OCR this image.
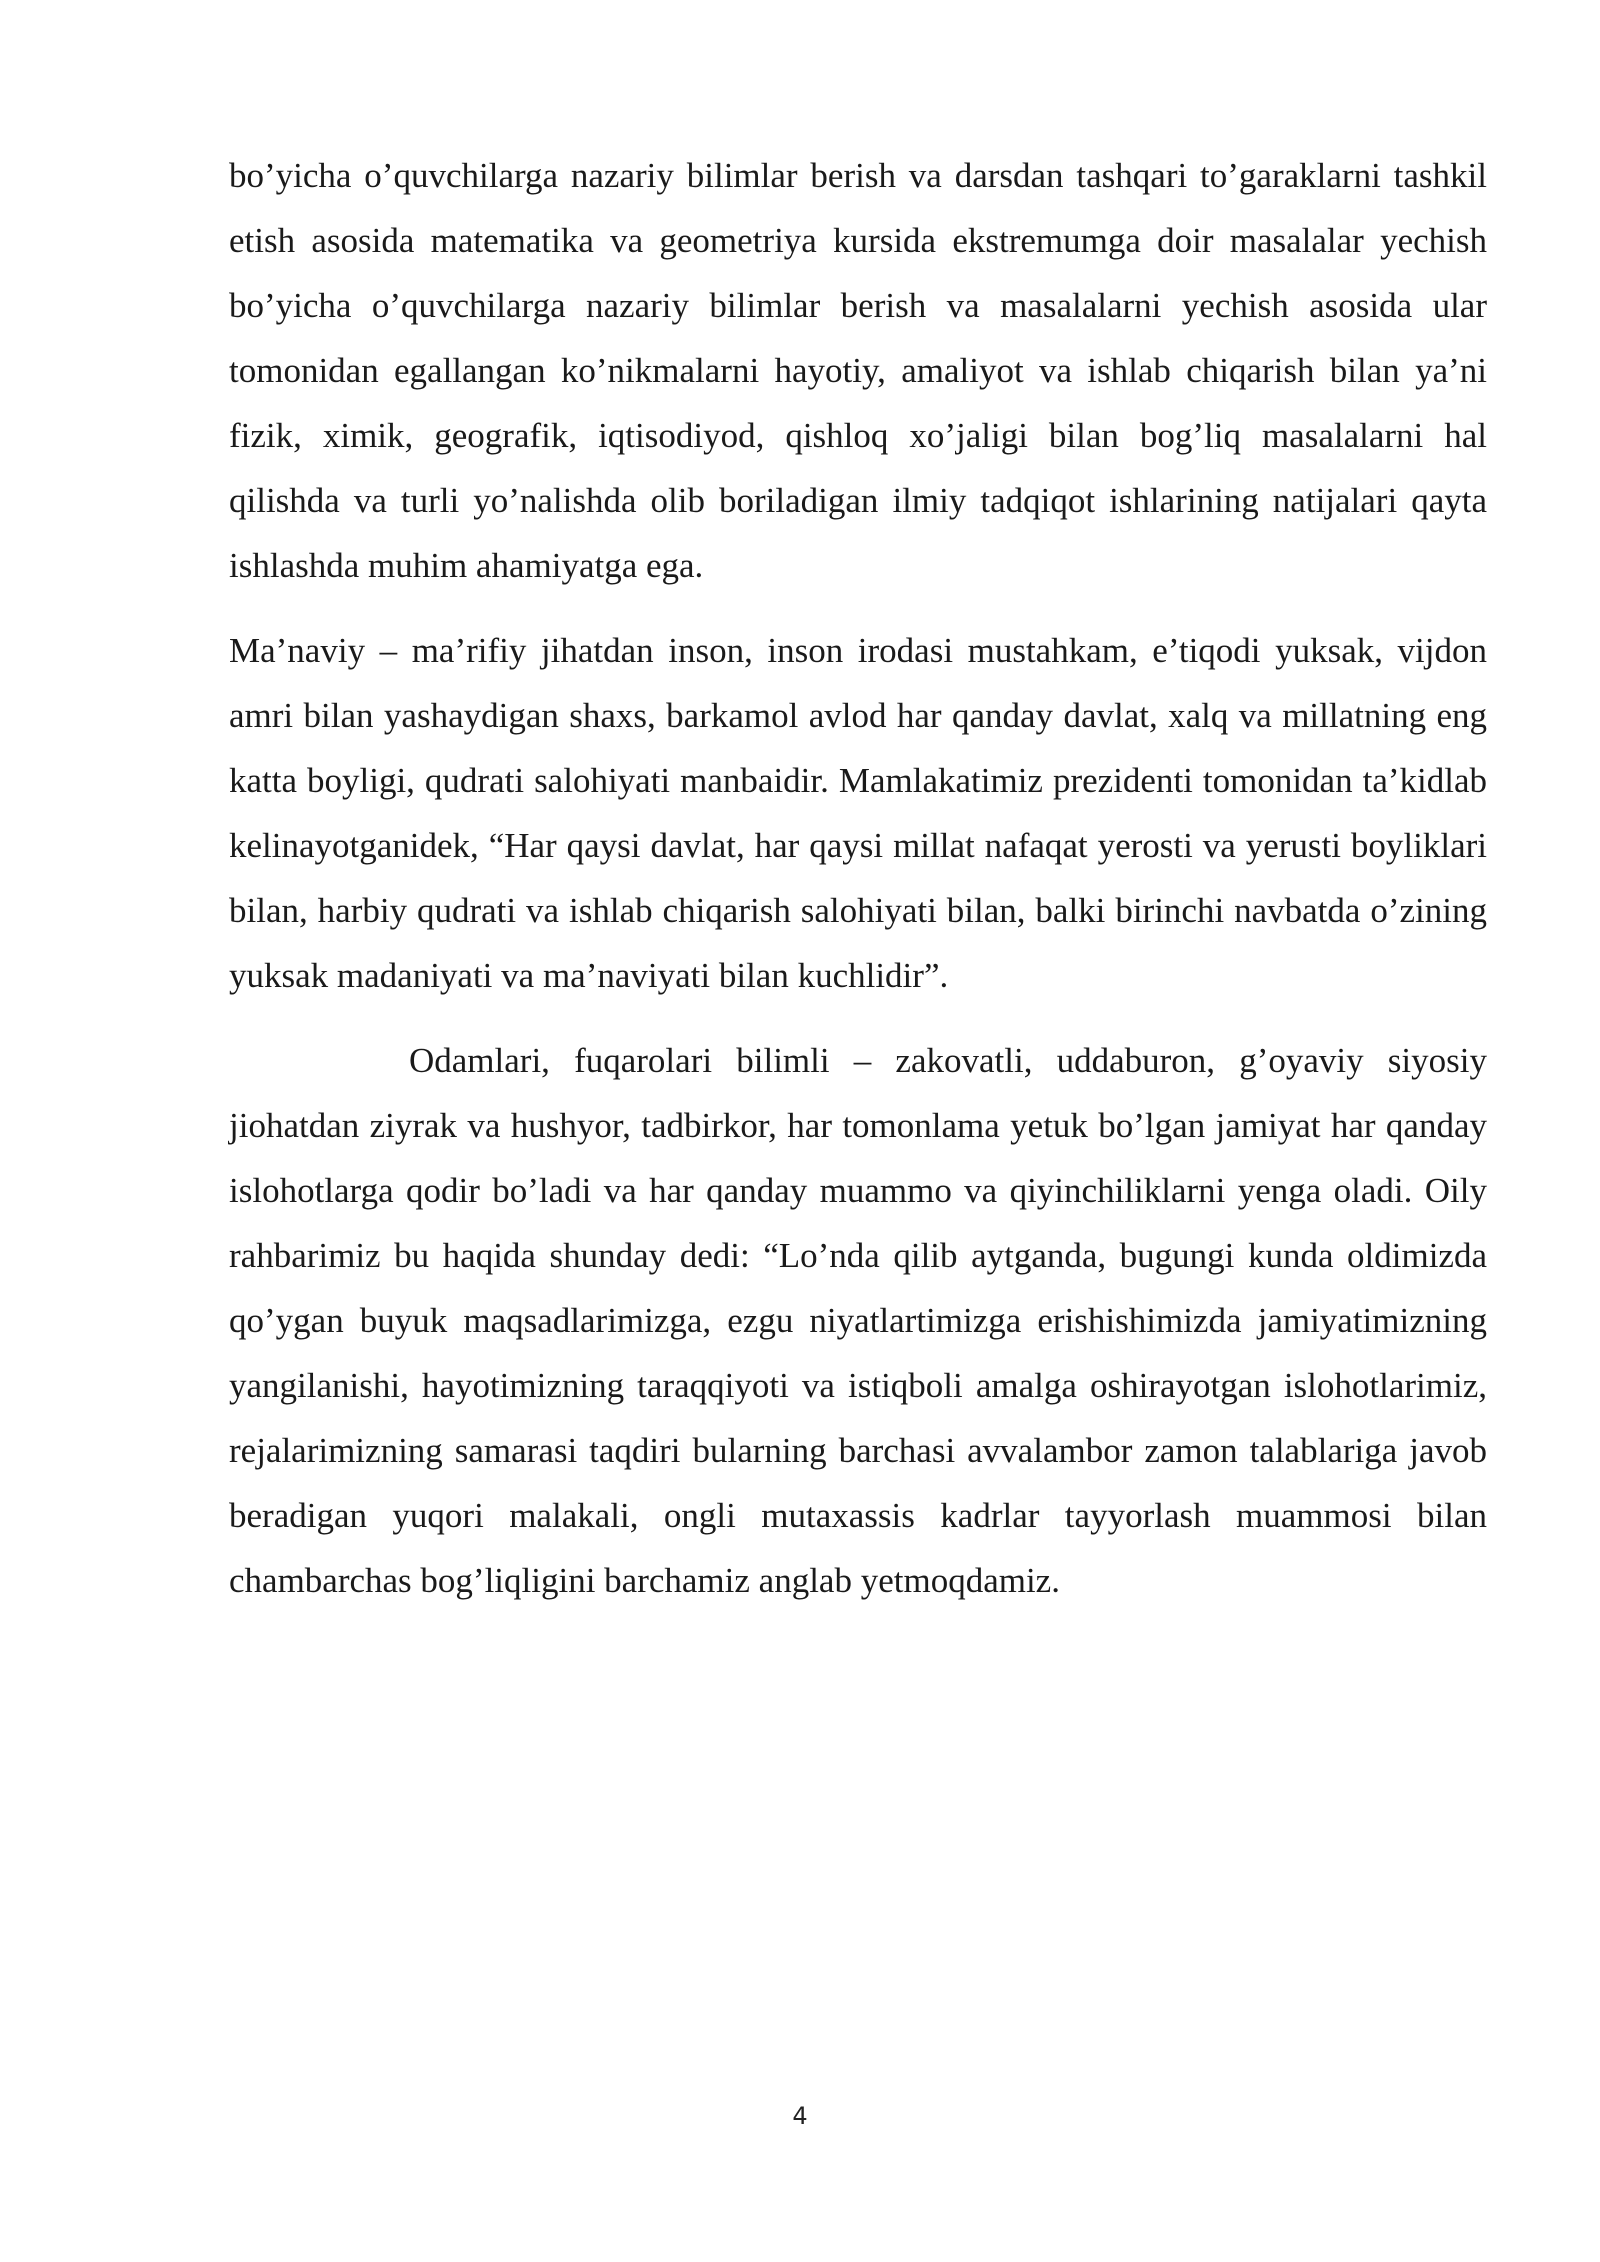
bo’yicha o’quvchilarga nazariy bilimlar berish va darsdan tashqari to’garaklarni tashkil etish asosida matematika va geometriya kursida ekstremumga doir masalalar yechish bo’yicha o’quvchilarga nazariy bilimlar berish va masalalarni yechish asosida ular tomonidan egallangan ko’nikmalarni hayotiy, amaliyot va ishlab chiqarish bilan ya’ni fizik, ximik, geografik, iqtisodiyod, qishloq xo’jaligi bilan bog’liq masalalarni hal qilishda va turli yo’nalishda olib boriladigan ilmiy tadqiqot ishlarining natijalari qayta ishlashda muhim ahamiyatga ega.

Ma’naviy – ma’rifiy jihatdan inson, inson irodasi mustahkam, e’tiqodi yuksak, vijdon amri bilan yashaydigan shaxs, barkamol avlod har qanday davlat, xalq va millatning eng katta boyligi, qudrati salohiyati manbaidir. Mamlakatimiz prezidenti tomonidan ta’kidlab kelinayotganidek, “Har qaysi davlat, har qaysi millat nafaqat yerosti va yerusti boyliklari bilan, harbiy qudrati va ishlab chiqarish salohiyati bilan, balki birinchi navbatda o’zining yuksak madaniyati va ma’naviyati bilan kuchlidir”.

Odamlari, fuqarolari bilimli – zakovatli, uddaburon, g’oyaviy siyosiy jiohatdan ziyrak va hushyor, tadbirkor, har tomonlama yetuk bo’lgan jamiyat har qanday islohotlarga qodir bo’ladi va har qanday muammo va qiyinchiliklarni yenga oladi. Oily rahbarimiz bu haqida shunday dedi: “Lo’nda qilib aytganda, bugungi kunda oldimizda qo’ygan buyuk maqsadlarimizga, ezgu niyatlartimizga erishishimizda jamiyatimizning yangilanishi, hayotimizning taraqqiyoti va istiqboli amalga oshirayotgan islohotlarimiz, rejalarimizning samarasi taqdiri bularning barchasi avvalambor zamon talablariga javob beradigan yuqori malakali, ongli mutaxassis kadrlar tayyorlash muammosi bilan chambarchas bog’liqligini barchamiz anglab yetmoqdamiz.

4
